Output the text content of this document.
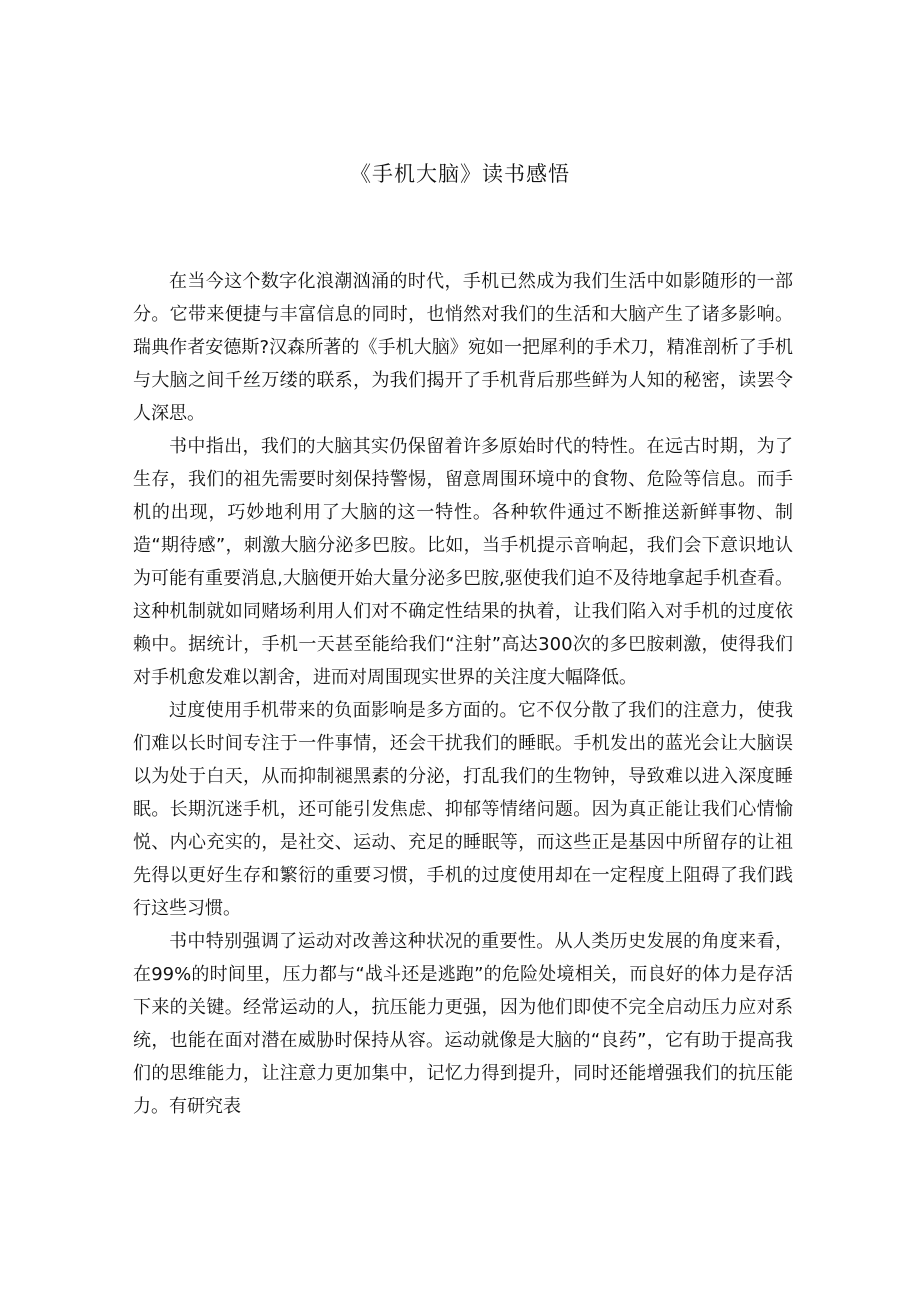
《手机大脑》读书感悟

在当今这个数字化浪潮汹涌的时代，手机已然成为我们生活中如影随形的一部分。它带来便捷与丰富信息的同时，也悄然对我们的生活和大脑产生了诸多影响。瑞典作者安德斯?汉森所著的《手机大脑》宛如一把犀利的手术刀，精准剖析了手机与大脑之间千丝万缕的联系，为我们揭开了手机背后那些鲜为人知的秘密，读罢令人深思。

书中指出，我们的大脑其实仍保留着许多原始时代的特性。在远古时期，为了生存，我们的祖先需要时刻保持警惕，留意周围环境中的食物、危险等信息。而手机的出现，巧妙地利用了大脑的这一特性。各种软件通过不断推送新鲜事物、制造“期待感”，刺激大脑分泌多巴胺。比如，当手机提示音响起，我们会下意识地认为可能有重要消息,大脑便开始大量分泌多巴胺,驱使我们迫不及待地拿起手机查看。这种机制就如同赌场利用人们对不确定性结果的执着，让我们陷入对手机的过度依赖中。据统计，手机一天甚至能给我们“注射”高达300次的多巴胺刺激，使得我们对手机愈发难以割舍，进而对周围现实世界的关注度大幅降低。

过度使用手机带来的负面影响是多方面的。它不仅分散了我们的注意力，使我们难以长时间专注于一件事情，还会干扰我们的睡眠。手机发出的蓝光会让大脑误以为处于白天，从而抑制褪黑素的分泌，打乱我们的生物钟，导致难以进入深度睡眠。长期沉迷手机，还可能引发焦虑、抑郁等情绪问题。因为真正能让我们心情愉悦、内心充实的，是社交、运动、充足的睡眠等，而这些正是基因中所留存的让祖先得以更好生存和繁衍的重要习惯，手机的过度使用却在一定程度上阻碍了我们践行这些习惯。

书中特别强调了运动对改善这种状况的重要性。从人类历史发展的角度来看，在99%的时间里，压力都与“战斗还是逃跑”的危险处境相关，而良好的体力是存活下来的关键。经常运动的人，抗压能力更强，因为他们即使不完全启动压力应对系统，也能在面对潜在威胁时保持从容。运动就像是大脑的“良药”，它有助于提高我们的思维能力，让注意力更加集中，记忆力得到提升，同时还能增强我们的抗压能力。有研究表
